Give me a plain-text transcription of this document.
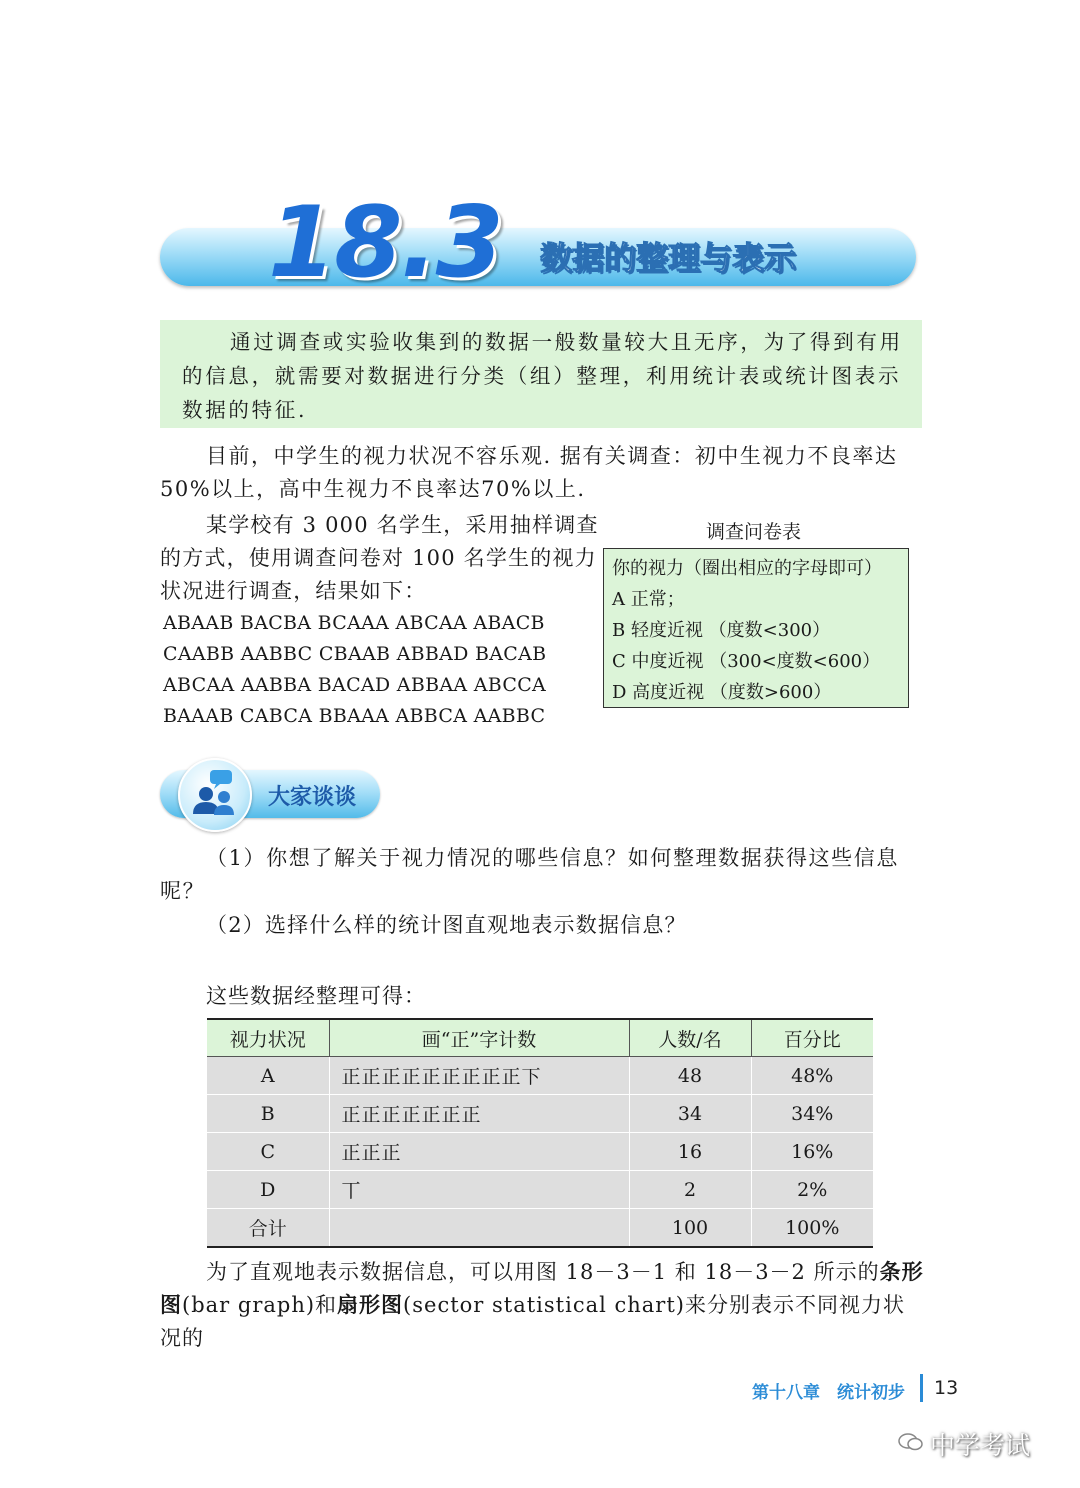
18.3 数据的整理与表示
通过调查或实验收集到的数据一般数量较大且无序，为了得到有用的信息，就需要对数据进行分类（组）整理，利用统计表或统计图表示数据的特征.
目前，中学生的视力状况不容乐观. 据有关调查：初中生视力不良率达50%以上，高中生视力不良率达70%以上.
某学校有 3 000 名学生，采用抽样调查的方式，使用调查问卷对 100 名学生的视力状况进行调查，结果如下：
ABAAB BACBA BCAAA ABCAA ABACB
CAABB AABBC CBAAB ABBAD BACAB
ABCAA AABBA BACAD ABBAA ABCCA
BAAAB CABCA BBAAA ABBCA AABBC
调查问卷表
你的视力（圈出相应的字母即可）
A 正常；
B 轻度近视 （度数<300）
C 中度近视 （300<度数<600）
D 高度近视 （度数>600）
大家谈谈
（1）你想了解关于视力情况的哪些信息？如何整理数据获得这些信息呢？
（2）选择什么样的统计图直观地表示数据信息？
这些数据经整理可得：
视力状况	画“正”字计数	人数/名	百分比
A	正正正正正正正正正下	48	48%
B	正正正正正正正	34	34%
C	正正正	16	16%
D	丅	2	2%
合计		100	100%
为了直观地表示数据信息，可以用图 18－3－1 和 18－3－2 所示的条形图(bar graph)和扇形图(sector statistical chart)来分别表示不同视力状况的
第十八章　统计初步 13
中学考试
